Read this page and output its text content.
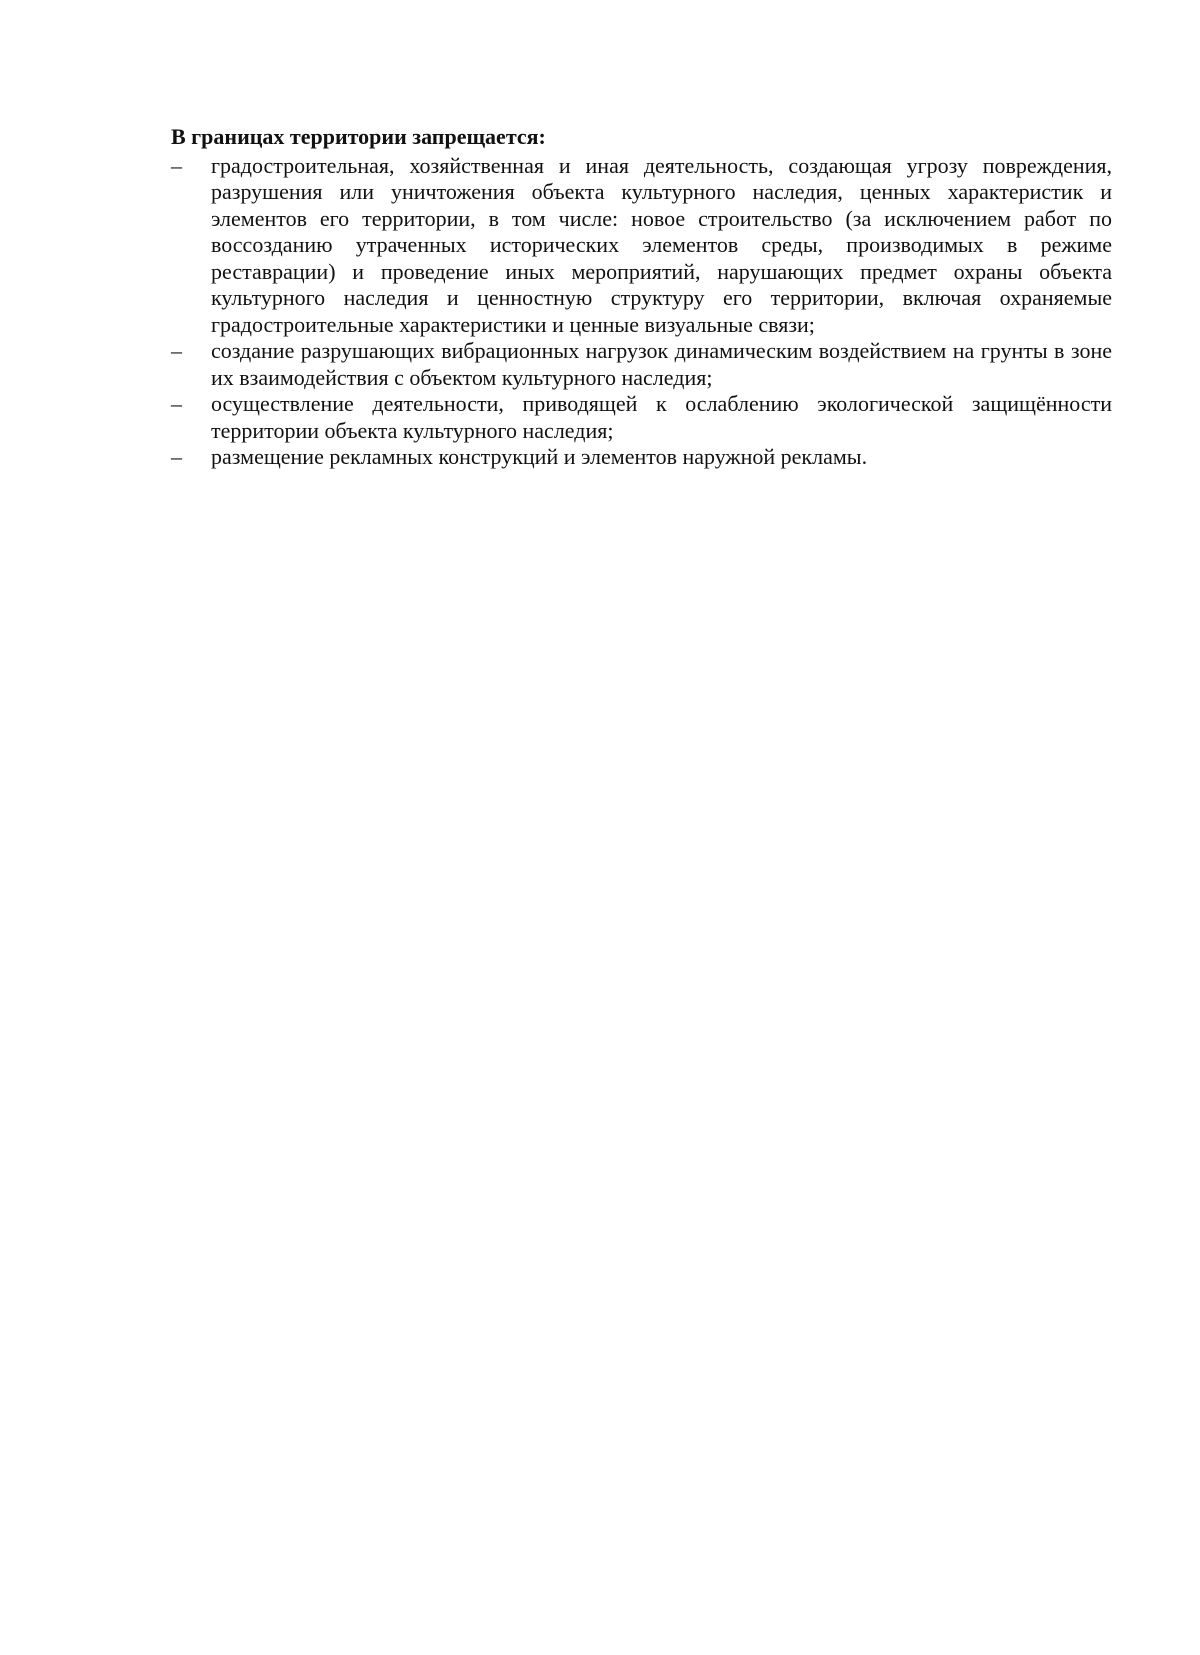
В границах территории запрещается:
– градостроительная, хозяйственная и иная деятельность, создающая угрозу повреждения, разрушения или уничтожения объекта культурного наследия, ценных характеристик и элементов его территории, в том числе: новое строительство (за исключением работ по воссозданию утраченных исторических элементов среды, производимых в режиме реставрации) и проведение иных мероприятий, нарушающих предмет охраны объекта культурного наследия и ценностную структуру его территории, включая охраняемые градостроительные характеристики и ценные визуальные связи;
– создание разрушающих вибрационных нагрузок динамическим воздействием на грунты в зоне их взаимодействия с объектом культурного наследия;
– осуществление деятельности, приводящей к ослаблению экологической защищённости территории объекта культурного наследия;
– размещение рекламных конструкций и элементов наружной рекламы.
